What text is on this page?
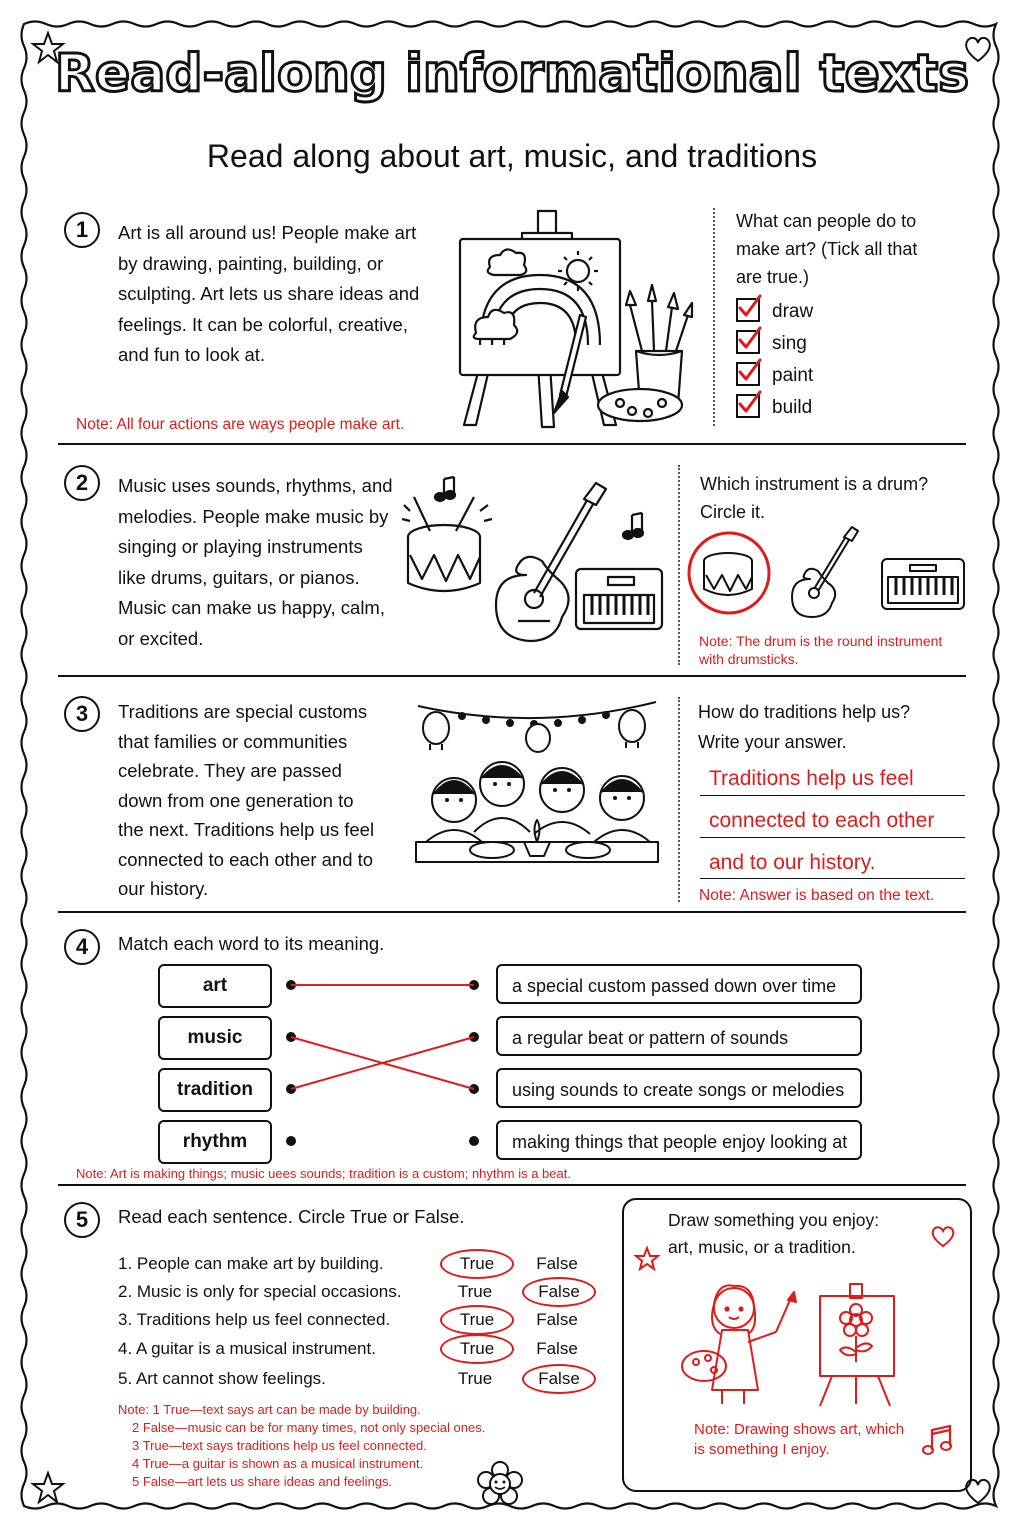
Read-along informational texts
Read along about art, music, and traditions
1	Art is all around us! People make art by drawing, painting, building, or sculpting. Art lets us share ideas and feelings. It can be colorful, creative, and fun to look at.
What can people do to make art? (Tick all that are true.)
draw
sing
paint
build
Note: All four actions are ways people make art.
2	Music uses sounds, rhythms, and melodies. People make music by singing or playing instruments like drums, guitars, or pianos. Music can make us happy, calm, or excited.
Which instrument is a drum? Circle it.
Note: The drum is the round instrument with drumsticks.
3	Traditions are special customs that families or communities celebrate. They are passed down from one generation to the next. Traditions help us feel connected to each other and to our history.
How do traditions help us? Write your answer.
Traditions help us feel
connected to each other
and to our history.
Note: Answer is based on the text.
4	Match each word to its meaning.
art
music
tradition
rhythm
a special custom passed down over time
a regular beat or pattern of sounds
using sounds to create songs or melodies
making things that people enjoy looking at
Note: Art is making things; music uees sounds; tradition is a custom; nhythm is a beat.
5	Read each sentence. Circle True or False.
1. People can make art by building.	True	False
2. Music is only for special occasions.	True	False
3. Traditions help us feel connected.	True	False
4. A guitar is a musical instrument.	True	False
5. Art cannot show feelings.	True	False
Note: 1 True—text says art can be made by building.
2 False—music can be for many times, not only special ones.
3 True—text says traditions help us feel connected.
4 True—a guitar is shown as a musical instrument.
5 False—art lets us share ideas and feelings.
Draw something you enjoy: art, music, or a tradition.
Note: Drawing shows art, which is something I enjoy.
